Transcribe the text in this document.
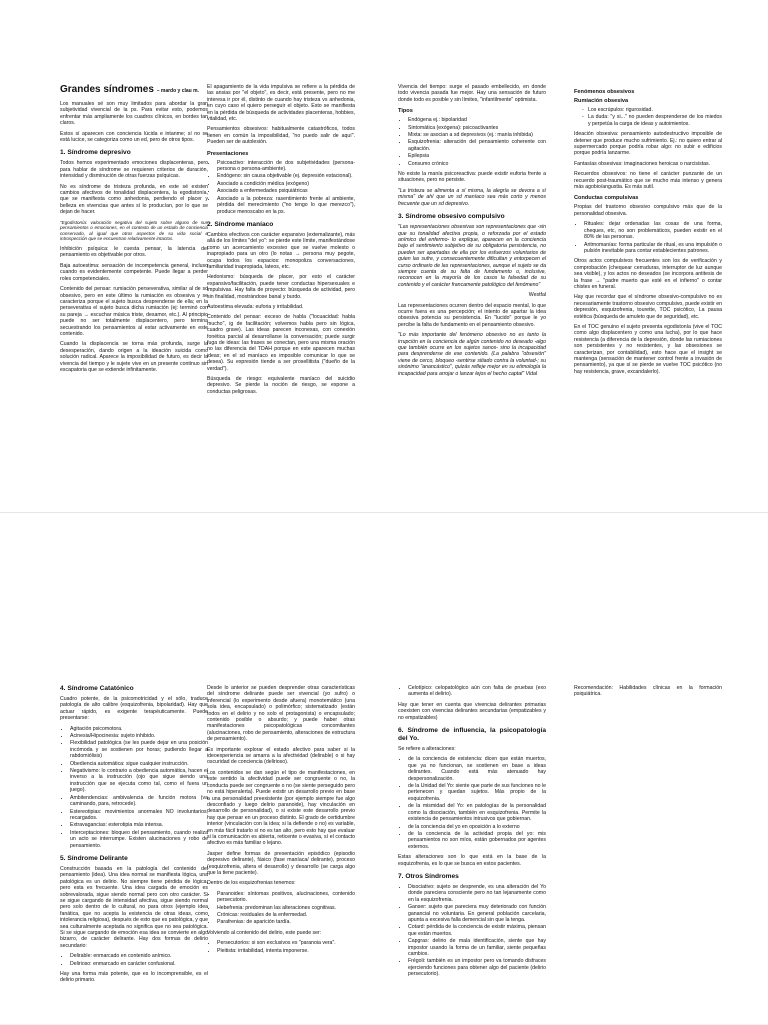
Grandes síndromes – mardo y clau m.

Los manuales sé son muy limitados para abordar la gran subjetividad vivencial de la ps. Para evitar esto, podemos enfrentar más ampliamente los cuadros clínicos, en bordes tan claros.

Estos sí aparecen con conciencia lúcida e intanme; sí no se está lucice, se categoriza como un ed, pero de otros tipos.

1. Síndrome depresivo

Todos hemos experimentado emociones displacenteras, pero para hablar de síndrome se requieren criterios de duración, intensidad y disminución de otras fuerzas psíquicas.

No es síndrome de tristeza profunda, en este sé existen cambios afectivos de tonalidad displacentera, la egodistonía, que se manifiesta como anhedonia, perdiendo el placer y belleza en vivencias que antes sí lo producían, por lo que se dejan de hacer.

"Egodistonía: valoración negativa del sujeto sobre alguno de sus pensamientos o emociones, en el contexto de un estado de conciencia conservado, al igual que otros aspectos de su vida social e introspección que se encuentran relativamente intactos.

Inhibición psíquica: le cuesta pensar, la latencia del pensamiento es objetivable por otros.

Baja autoestima: sensación de incompetencia general, incluso cuando es evidentemente competente. Puede llegar a perder roles competenciales.

Contenido del pensar: rumiación perseverativa, similar al de sd obsesivo, pero en este último la rumiación es obsesiva y se caracteriza porque el sujeto busca desprenderse de ella; en la perseverativa el sujeto busca dicha rumiación (ej: terminó con su pareja → escuchar música triste, desamor, etc.). Al principio puede no ser totalmente displacentero, pero termina secuestrando los pensamientos al estar activamente en este contenido.

Cuando la displacencia se torna más profunda, surge la desesperación, dando origen a la ideación suicida como solución radical. Aparece la imposibilidad de futuro, es decir la vivencia del tiempo y le sujete vive en un presente continuo sin escapatoria que se extiende infinitamente.

El apagamiento de la vida impulsiva se refiere a la pérdida de las ansias por "el objeto", es decir, está presente, pero no me interesa ir por él, distinto de cuando hay tristeza vs anhedonia, en cuyo caso el quiero perseguir el objeto. Esto se manifiesta en la pérdida de búsqueda de actividades placenteras, hobbies, vitalidad, etc.

Pensamientos obsesivos: habitualmente catastróficos, todos tienen en común la imposibilidad, "no puedo salir de aquí". Pueden ser de autolesión.

Presentaciones
• Psicoactivo: interacción de dos subjetividades (persona-persona o persona-ambiente).
• Endógeno: sin causa objetivable (ej. depresión estacional).
• Asociado a condición médica (exógeno)
• Asociado a enfermedades psiquiátricas
• Asociado a la pobreza: rasentimiento frente al ambiente, pérdida del merecimiento ("no tengo lo que merezco"), produce menoscabo en la ps.
2. Síndrome maníaco

Cambios efectivos con carácter expansivo (extemalizante), más allá de los límites "del yo": se pierde este límite, manifestándose como un acercamiento excesivo que se vuelve molesto o inapropiado para un otro (lo notas → persona muy pegote, ocupa todos los espacios: monopoliza conversaciones, familiaridad inapropiada, lateos, etc.

Hedonismo: búsqueda de placer, por esto el carácter expansivo/facilitación, puede tener conductas hipersexuales e impulsivas. Hay falta de proyecto: búsqueda de actividad, pero sin finalidad, mostrándose banal y burdo.

Autoestima elevada: euforia y irritabilidad.

Contenido del pensar: exceso de habla ("locuacidad: habla mucho", ig de facilitación; volvemos habla pero sin lógica, cuadro grave). Las ideas parecen inconexas, con conexión fonética parcial al desarrollarse la conversación; puede surgir fuga de ideas: las frases se conectan, pero una misma oración no las diferencia del TDAH porque en este aparecen muchas ideas; en el sd maníaco es imposible comunicar lo que se desea). Su expresión tiende a ser prosellitista ("dueño de la verdad").

Búsqueda de riesgo: equivalente maníaco del suicidio depresivo. Se pierde la noción de riesgo, se expone a conductas peligrosas.

Vivencia del tiempo: surge el pasado embellecido, en donde todo vivencia pasada fue mejor. Hay una sensación de futuro donde todo es posible y sin límites, "infantilmente" optimista.

Tipos
• Endógena ej.: bipolaridad
• Sintomática (exógena): psicoactivantes
• Mixta: se asocian a sd depresivos (ej.: manía inhibida)
• Esquizofrenia: alteración del pensamiento coherente con agitación.
• Epilepsia
• Consumo crónico

No existe la manía psicoreactiva: puede existir euforia frente a situaciones, pero no persiste.

"La tristeza se alimenta a sí misma, la alegría se devora a sí misma" de ahí que un sd maníaco sea más corto y menos frecuente que un sd depresivo.

3. Síndrome obsesivo compulsivo

"Las representaciones obsesivas son representaciones que -sin que su tonalidad afectiva propia, o reforzada por el estado anímico del enfermo- lo explique, aparecen en la conciencia bajo el sentimiento subjetivo de su obligatoria persistencia, no pueden ser apartadas de ella por los esfuerzos voluntarios de quien las sufre, y consecuentemente dificultan y entorpecen el curso ordinario de las representaciones, aunque el sujeto se da siempre cuenta de su falta de fundamento o, inclusive, reconocen en la mayoría de los casos la falsedad de su contenido y el carácter francamente patológico del fenómeno"

Westfal

Las representaciones ocurren dentro del espacio mental, lo que ocurre fuera es una percepción; el intento de apartar la idea obsesiva potencia su persistencia. En "lucido" porque le yo percibe la falta de fundamento en el pensamiento obsesivo.

"Lo más importante del fenómeno obsesivo no es tanto la irrupción en la conciencia de algún contenido no deseado -algo que también ocurre en los sujetos sanos- sino la incapacidad para desprenderse de ese contenido. (La palabra "obsesión" viene de cerco, bloqueo -sentirse sitiado contra la voluntad-; su sinónimo "anancástico", quizás refleje mejor en su etimología la incapacidad para arrojar o lanzar lejos el hecho captal" Vidal

Fenómenos obsesivos
Rumiación obsesiva
- Los escrúpulos: rigurosidad.
- La duda: "y si..." no pueden desprenderse de los miedos y perpetúa la carga de ideas y autoimientos.

Ideación obsesiva: pensamiento autodestructivo imposible de detener que produce mucho sufrimiento. Ej.: no quiero entrar al supermercado porque podría robar algo: no subir e edificios porque podría lanzarme.

Fantasías obsesivas: imaginaciones heroicas o narcisistas.

Recuerdos obsesivos: no tiene el carácter punzante de un recuerdo post-traumático que se mucho más intenso y genera más agobio/angustia. Es más sutil.

Conductas compulsivas

Propias del trastorno obsesivo compulsivo más que de la personalidad obsesiva.

• Rituales: dejar ordenadas las cosas de una forma, cheques, etc, no son problemáticos, pueden existir en el 80% de las personas.
• Aritmomanías: forma particular de ritual, es una impulsión o pulsión inevitable para contar establecientes patrones.

Otros actos compulsivos frecuentes son los de verificación y comprobación (chequear cerraduras, interruptor de luz aunque sea visible), y los actos no deseados (se incorpora antitesis de la frase → "padre muerto que esté en el infierno" o contar chistes en funeral.

Hay que recordar que el síndrome obsesivo-compulsivo no es necesariamente trastorno obsesivo compulsivo, puede existir en depresión, esquizofrenia, tourette, TOC psicótico, La pausa estética (búsqueda de amuleto que de seguridad), etc.

En el TOC genuino el sujeto presenta egodistonía (vive el TOC como algo displacentero y como una lucha), por lo que hace resistencia (a diferencia de la depresión, donde las rumiaciones son persistentes y no resistentes, y las obsesiones se caracterizan, por contabilidad), esto hace que el insight se mantenga (sensación de mantener control frente a invasión de pensamiento), ya que sí se pierde se vuelve TOC psicótico (no hay resistencia, grave, excandalerlo).

4. Síndrome Catatónico

Cuadro potente, de la psicomotricidad y el sólo, traduce patología de alto calibre (esquizofrenia, bipolaridad). Hay que actuar rápido, es exigente terapéuticamente. Puede presentarse:

• Agitación psicomotora.
• Acinesia/Hipocinesia: sujeto inhibido.
• Flexibilidad patológica (se les puede dejar en una posición incómoda y se sostienen por horas; pudiendo llegar a rabdomiólisis)
• Obediencia automática: sigue cualquier instrucción.
• Negativismo: lo contrario a obediencia automática, hacen el inverso a la instrucción (ojo que sigue siendo una instrucción que se ejecuta como tal, como el fuera un juego).
• Ambitendencias: ambivalencia de función motora (va caminando, para, retrocede).
• Estereotipias: movimientos anormales NO involuntarios, recargados.
• Extravagancias: esterotipia más intensa.
• Interceptaciones: bloqueo del pensamiento, cuando realiza un acto se interrumpe. Existen alucinaciones y robo de pensamiento.
5. Síndrome Delirante

Construcción basada en la patología del contenido del pensamiento (idea). Una idea normal se manifiesta lógica, una patológica es un delirio. No siempre tiene pérdida de lógica, pero esta es frecuente. Una idea cargada de emoción es sobrevalorada, sigue siendo normal pero con otro carácter. Si se sigue cargando de intensidad afectiva, sigue siendo normal pero solo dentro de lo cultural, no para otros (ejemplo idea fanática, que no acepta la existencia de otras ideas, como intolerancia religiosa), después de esto que es patológica, y que sea culturalmente aceptada no significa que no sea patológica. Si se sigue cargando de emoción esa idea se convierte en algo bizarro, de carácter delirante. Hay dos formas de delirio secundario:

• Delirable: enmarcado en contenido anímico.
• Delirioso: enmarcado en carácter confusional.

Hay una forma más potente, que es lo incomprensible, es el delirio primario.

Desde lo anterior se pueden desprender otras características del síndrome delirante puede ser vivencial (yo sufro) o inferencial (lo experimento desde afuera) monotemático (una sola idea, encapsulado) o polimórfico; sistematizado (están todos en el delirio y no solo el protagonista) o encapsulado; contenido posible o absurdo; y puede haber otras manifestaciones psicopatológicas concomitantes (alucinaciones, robo de pensamiento, alteraciones de estructura de pensamiento).

Es importante explorar el estado afectivo para saber si la ideoexperiencia se amarra a la afectividad (delirable) o si hay oscuridad de conciencia (delirioso).

Los contenidos se dan según el tipo de manifestaciones, en este sentido la afectividad puede ser congruente o no, la conducta puede ser congruente o no (se siente perseguido pero no está hiperalerta). Puede existir un desarrollo previo en base a una personalidad preexistente (por ejemplo siempre fue algo desconfiado y luego delirio paranoide), hay vinculación en desarrollo de personalidad), o si existe este desarrollo previo hay que pensar en un proceso distinto. El grado de certidumbre interior (vinculación con la idea; si la defiende o no) es variable, en más fácil tratarlo si no es tan alto, pero esto hay que evaluar si la comunicación es abierta, reticente o evasiva, sí el contacto afectivo es más familiar o lejano.

Jasper define formas de presentación episódico (episodio depresivo delirante), fásico (fase maníaca/ delirante), proceso (esquizofrenia, altera el desarrollo) y desarrollo (se carga algo que la tiene paciente).

Dentro de los esquizofrenias tenemos:

• Paranoides: síntomas positivos, alucinaciones, contenido persecutorio.
• Hebefrenia: predominan las alteraciones cognitivas.
• Crónicas: residuales de la enfermedad.
• Parafrenias: de aparición tardía.

Volviendo al contenido del delirio, este puede ser:

• Persecutorios: si son exclusivos es "paranoia vera".
• Pleitista: irritabilidad, intenta imponerse.
• Celotípico: celopatológico aún con falta de pruebas (exo aumenta el delirio).

Hay que tener en cuenta que vivencias delirantes primarias coexisten con vivencias delirantes secundarias (empatizables y no empatizables)

6. Síndrome de influencia, la psicopatología del Yo.

Se refiere a alteraciones:

• de la conciencia de existencia: dicen que están muertos, que ya no funcionan, se sostienen en base a ideas delirantes. Cuando está más atenuado hay despersonalización.
• de la Unidad del Yo: siente que parte de sus funciones no le pertenecen y quedan sujetos. Más propio de la esquizofrenia.
• de la mismidad del Yo: en patologías de la personalidad como la disociación, también en esquizofrenia. Permite la existencia de pensamientos intrusivos que gobiernan.
• de la conciencia del yo en oposición a lo externo
• de la conciencia de la actividad propia del yo: mis pensamientos no son míos, están gobernados por agentes externos.

Estas alteraciones son lo que está en la base de la esquizofrenia, es lo que se busca en estos pacientes.

7. Otros Síndromes
• Disociativo: sujeto se desprende, es una alteración del Yo donde pareciera consciente pero no tan lejanamente como en la esquizofrenia.
• Ganser: sujeto que pareciera muy deteriorado con función ganancial no voluntaria. En general población carcelaria, apunta a excesiva falla demencial sin que la tenga.
• Cotard: pérdida de la conciencia de existir máxima, piensan que están muertos.
• Capgras: delirio de mala identificación, siente que hay impostor usando la forma de un familiar, siente pequeñas cambios.
• Frégoli: también es un impostor pero va tomando disfraces ejerciendo funciones para obtener algo del paciente (delirio persecutorio).

Recomendación: Habilidades clínicas en la formación psiquiátrica.
